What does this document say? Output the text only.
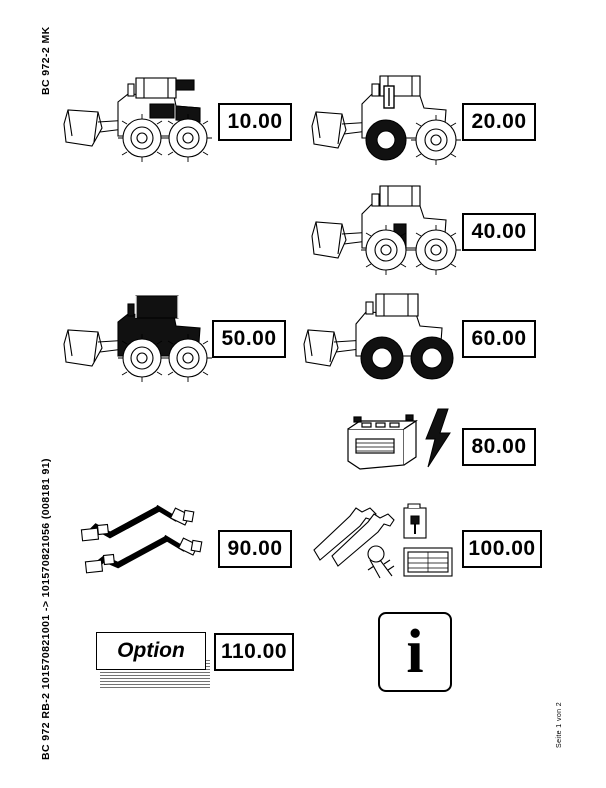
BC 972-2 MK
BC 972 RB-2 101570821001 -> 101570821056 (008181 91)	Seite 1 von 2
10.00	20.00
40.00
50.00	60.00
80.00
90.00	100.00
Option	110.00 i
